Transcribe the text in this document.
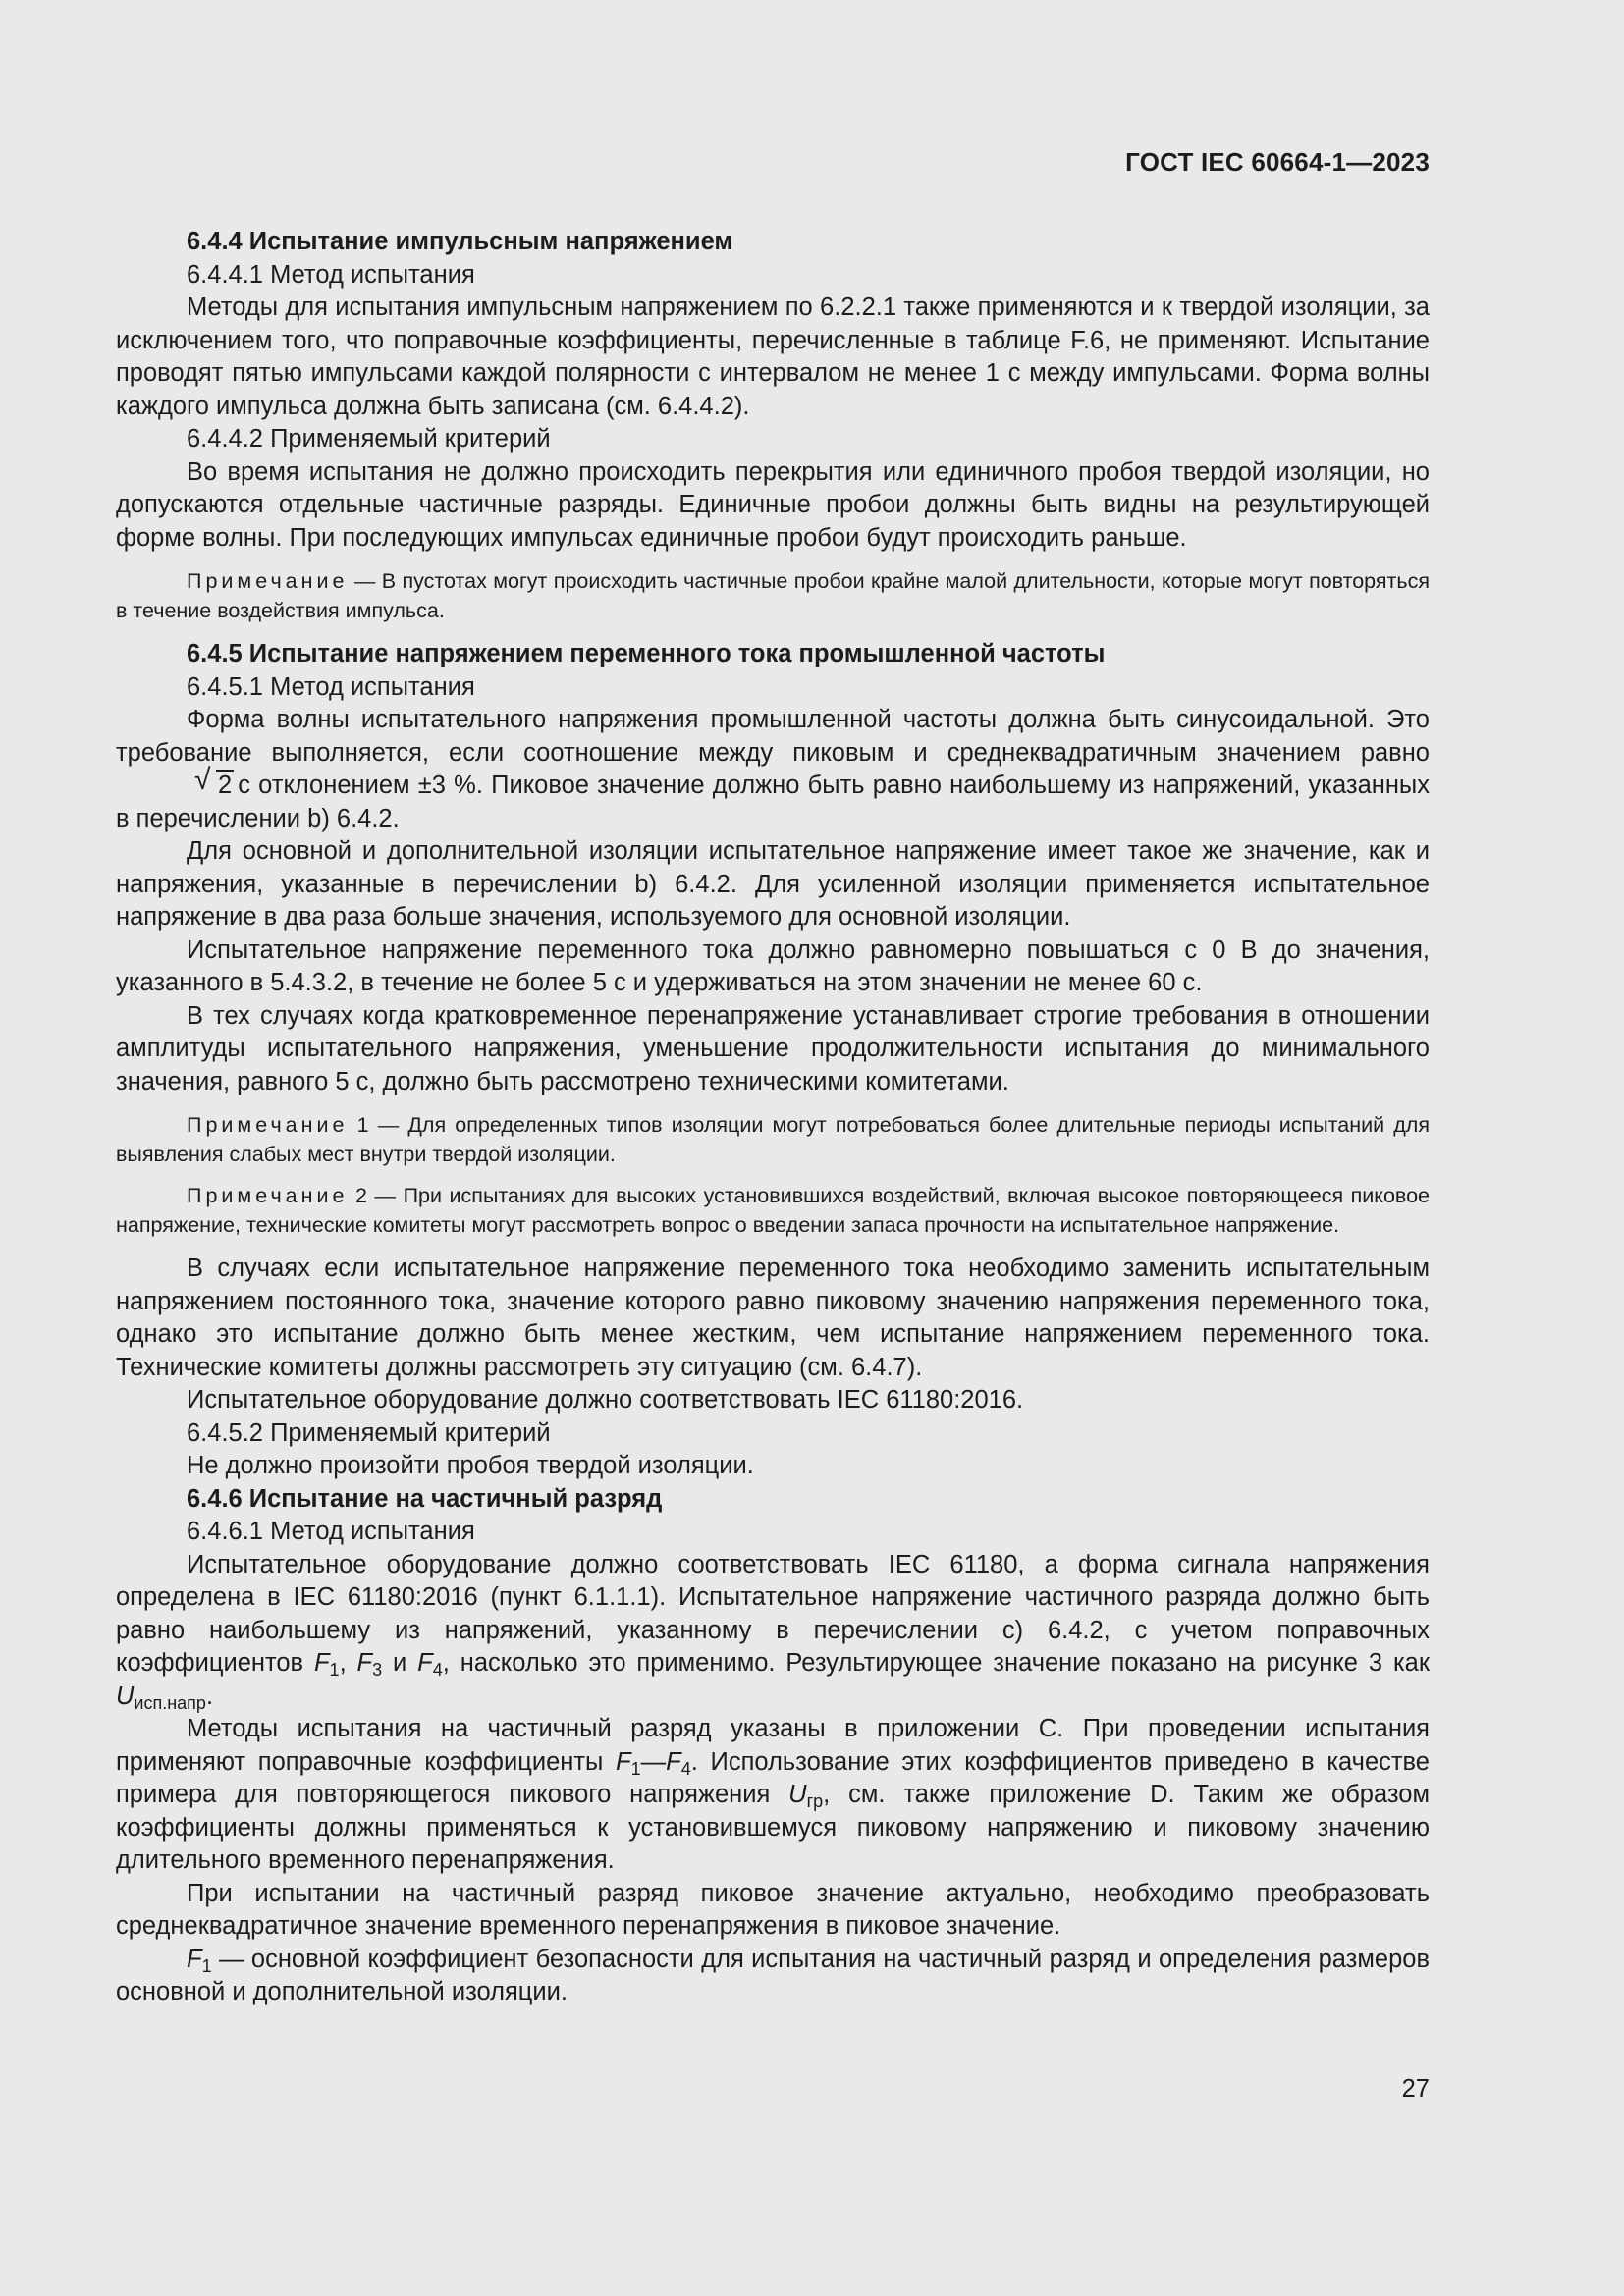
ГОСТ IEC 60664-1—2023

6.4.4 Испытание импульсным напряжением

6.4.4.1 Метод испытания

Методы для испытания импульсным напряжением по 6.2.2.1 также применяются и к твердой изоляции, за исключением того, что поправочные коэффициенты, перечисленные в таблице F.6, не применяют. Испытание проводят пятью импульсами каждой полярности с интервалом не менее 1 с между импульсами. Форма волны каждого импульса должна быть записана (см. 6.4.4.2).

6.4.4.2 Применяемый критерий

Во время испытания не должно происходить перекрытия или единичного пробоя твердой изоляции, но допускаются отдельные частичные разряды. Единичные пробои должны быть видны на результирующей форме волны. При последующих импульсах единичные пробои будут происходить раньше.

Примечание — В пустотах могут происходить частичные пробои крайне малой длительности, которые могут повторяться в течение воздействия импульса.

6.4.5 Испытание напряжением переменного тока промышленной частоты

6.4.5.1 Метод испытания

Форма волны испытательного напряжения промышленной частоты должна быть синусоидальной. Это требование выполняется, если соотношение между пиковым и среднеквадратичным значением равно
√ 2 с отклонением ±3 %. Пиковое значение должно быть равно наибольшему из напряжений, указанных в перечислении b) 6.4.2.

Для основной и дополнительной изоляции испытательное напряжение имеет такое же значение, как и напряжения, указанные в перечислении b) 6.4.2. Для усиленной изоляции применяется испытательное напряжение в два раза больше значения, используемого для основной изоляции.

Испытательное напряжение переменного тока должно равномерно повышаться с 0 В до значения, указанного в 5.4.3.2, в течение не более 5 с и удерживаться на этом значении не менее 60 с.

В тех случаях когда кратковременное перенапряжение устанавливает строгие требования в отношении амплитуды испытательного напряжения, уменьшение продолжительности испытания до минимального значения, равного 5 с, должно быть рассмотрено техническими комитетами.

Примечание 1 — Для определенных типов изоляции могут потребоваться более длительные периоды испытаний для выявления слабых мест внутри твердой изоляции.

Примечание 2 — При испытаниях для высоких установившихся воздействий, включая высокое повторяющееся пиковое напряжение, технические комитеты могут рассмотреть вопрос о введении запаса прочности на испытательное напряжение.

В случаях если испытательное напряжение переменного тока необходимо заменить испытательным напряжением постоянного тока, значение которого равно пиковому значению напряжения переменного тока, однако это испытание должно быть менее жестким, чем испытание напряжением переменного тока. Технические комитеты должны рассмотреть эту ситуацию (см. 6.4.7).

Испытательное оборудование должно соответствовать IEC 61180:2016.

6.4.5.2 Применяемый критерий

Не должно произойти пробоя твердой изоляции.

6.4.6 Испытание на частичный разряд

6.4.6.1 Метод испытания

Испытательное оборудование должно соответствовать IEC 61180, а форма сигнала напряжения определена в IEC 61180:2016 (пункт 6.1.1.1). Испытательное напряжение частичного разряда должно быть равно наибольшему из напряжений, указанному в перечислении c) 6.4.2, с учетом поправочных коэффициентов $F_1$, $F_3$ и $F_4$, насколько это применимо. Результирующее значение показано на рисунке 3 как $U_{исп.напр}$.

Методы испытания на частичный разряд указаны в приложении С. При проведении испытания применяют поправочные коэффициенты $F_1—F_4$. Использование этих коэффициентов приведено в качестве примера для повторяющегося пикового напряжения $U_{гр}$, см. также приложение D. Таким же образом коэффициенты должны применяться к установившемуся пиковому напряжению и пиковому значению длительного временного перенапряжения.

При испытании на частичный разряд пиковое значение актуально, необходимо преобразовать среднеквадратичное значение временного перенапряжения в пиковое значение.

$F_1$ — основной коэффициент безопасности для испытания на частичный разряд и определения размеров основной и дополнительной изоляции.

27
